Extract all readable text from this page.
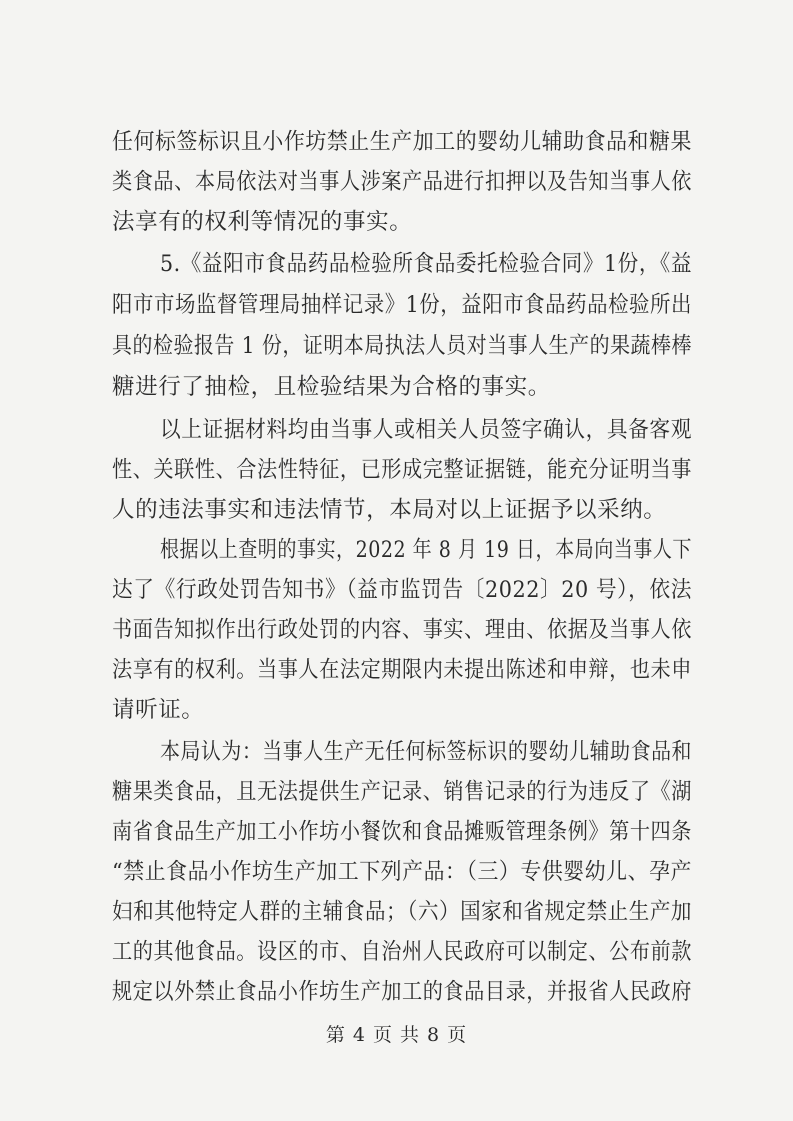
任何标签标识且小作坊禁止生产加工的婴幼儿辅助食品和糖果
类食品、本局依法对当事人涉案产品进行扣押以及告知当事人依
法享有的权利等情况的事实。
5.《益阳市食品药品检验所食品委托检验合同》1份，《益
阳市市场监督管理局抽样记录》1份，益阳市食品药品检验所出
具的检验报告 1 份，证明本局执法人员对当事人生产的果蔬棒棒
糖进行了抽检，且检验结果为合格的事实。
以上证据材料均由当事人或相关人员签字确认，具备客观
性、关联性、合法性特征，已形成完整证据链，能充分证明当事
人的违法事实和违法情节，本局对以上证据予以采纳。
根据以上查明的事实，2022 年 8 月 19 日，本局向当事人下
达了《行政处罚告知书》（益市监罚告〔2022〕20 号），依法
书面告知拟作出行政处罚的内容、事实、理由、依据及当事人依
法享有的权利。当事人在法定期限内未提出陈述和申辩，也未申
请听证。
本局认为：当事人生产无任何标签标识的婴幼儿辅助食品和
糖果类食品，且无法提供生产记录、销售记录的行为违反了《湖
南省食品生产加工小作坊小餐饮和食品摊贩管理条例》第十四条
“禁止食品小作坊生产加工下列产品：（三）专供婴幼儿、孕产
妇和其他特定人群的主辅食品；（六）国家和省规定禁止生产加
工的其他食品。设区的市、自治州人民政府可以制定、公布前款
规定以外禁止食品小作坊生产加工的食品目录，并报省人民政府
第 4 页 共 8 页
